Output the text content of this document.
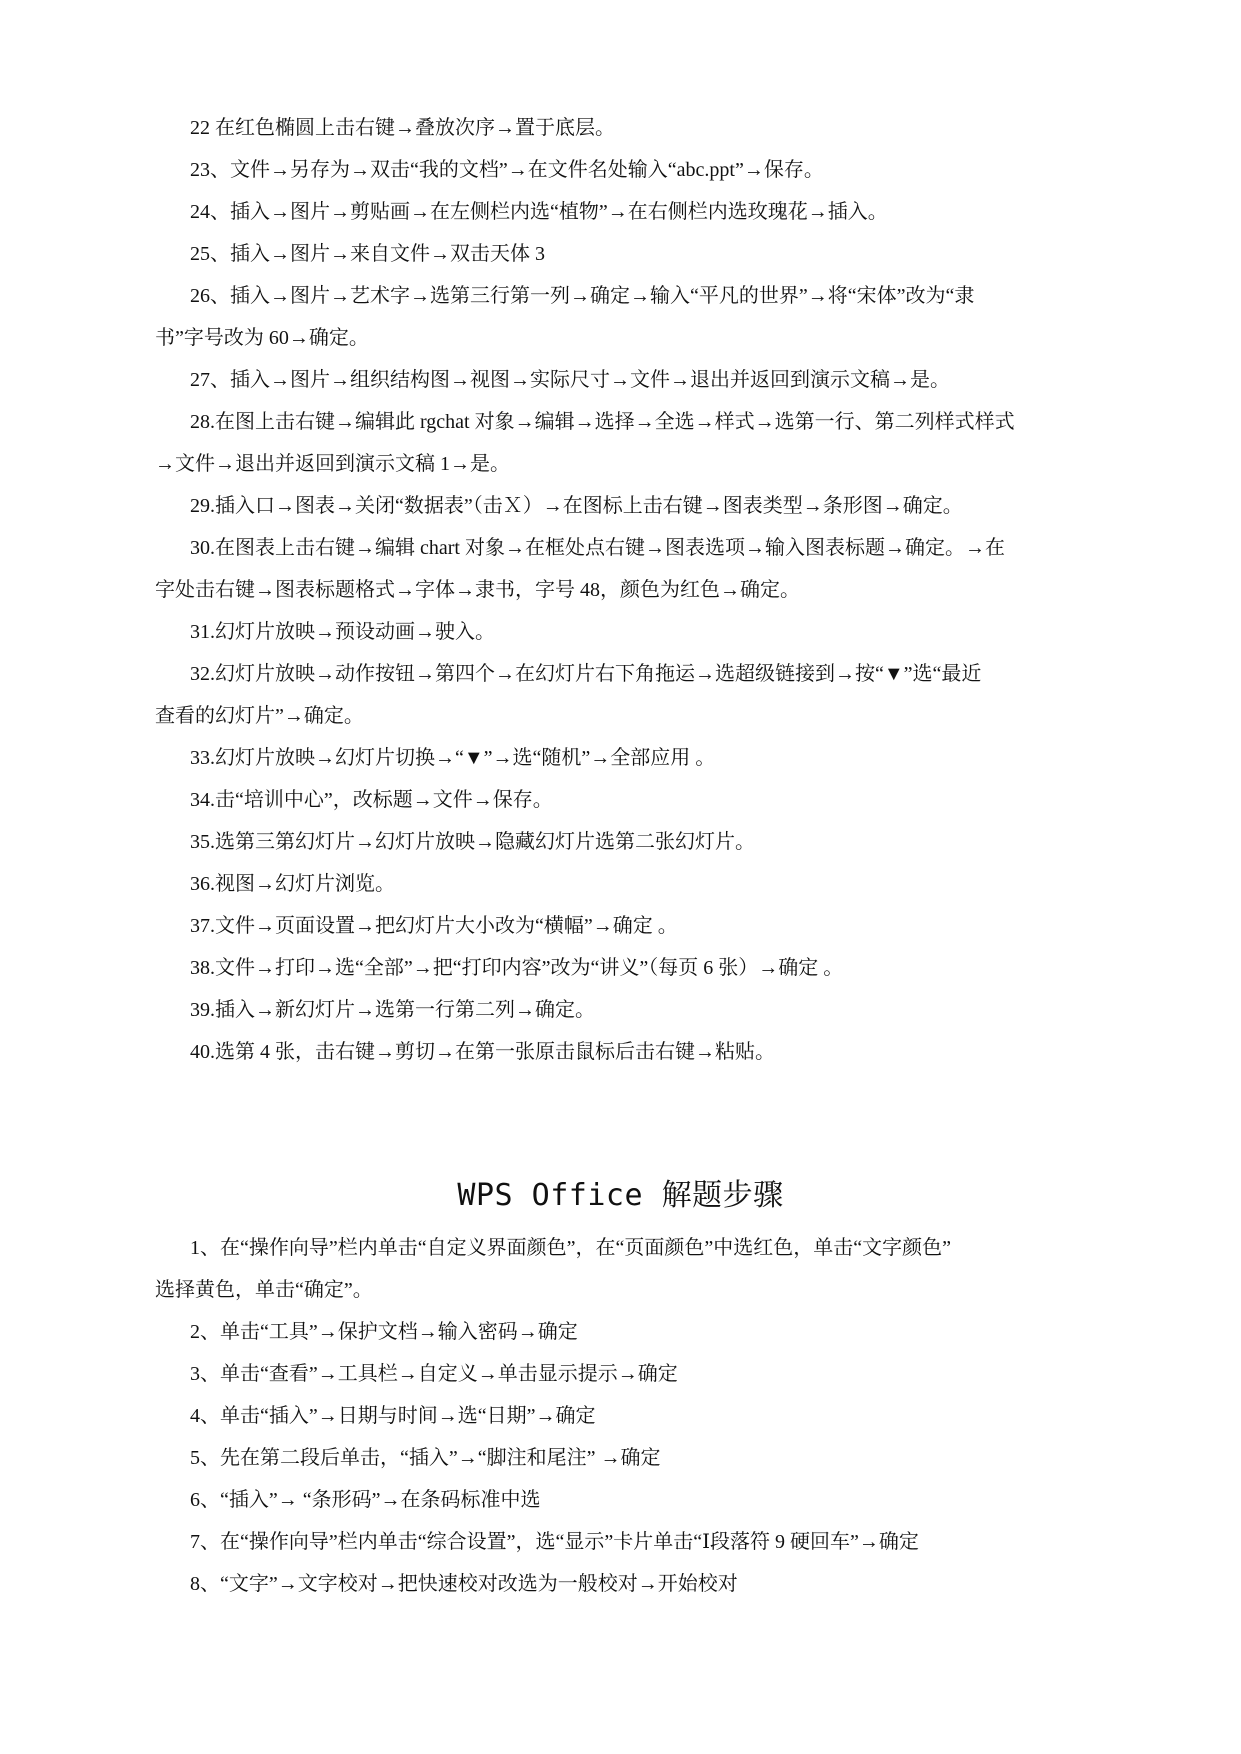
22 在红色椭圆上击右键→叠放次序→置于底层。
23、文件→另存为→双击“我的文档”→在文件名处输入“abc.ppt”→保存。
24、插入→图片→剪贴画→在左侧栏内选“植物”→在右侧栏内选玫瑰花→插入。
25、插入→图片→来自文件→双击天体 3
26、插入→图片→艺术字→选第三行第一列→确定→输入“平凡的世界”→将“宋体”改为“隶
书”字号改为 60→确定。
27、插入→图片→组织结构图→视图→实际尺寸→文件→退出并返回到演示文稿→是。
28.在图上击右键→编辑此 rgchat 对象→编辑→选择→全选→样式→选第一行、第二列样式样式
→文件→退出并返回到演示文稿 1→是。
29.插入口→图表→关闭“数据表”（击Ｘ）→在图标上击右键→图表类型→条形图→确定。
30.在图表上击右键→编辑 chart 对象→在框处点右键→图表选项→输入图表标题→确定。→在
字处击右键→图表标题格式→字体→隶书，字号 48，颜色为红色→确定。
31.幻灯片放映→预设动画→驶入。
32.幻灯片放映→动作按钮→第四个→在幻灯片右下角拖运→选超级链接到→按“▼”选“最近
查看的幻灯片”→确定。
33.幻灯片放映→幻灯片切换→“▼”→选“随机”→全部应用 。
34.击“培训中心”，改标题→文件→保存。
35.选第三第幻灯片→幻灯片放映→隐藏幻灯片选第二张幻灯片。
36.视图→幻灯片浏览。
37.文件→页面设置→把幻灯片大小改为“横幅”→确定 。
38.文件→打印→选“全部”→把“打印内容”改为“讲义”（每页 6 张）→确定 。
39.插入→新幻灯片→选第一行第二列→确定。
40.选第 4 张，击右键→剪切→在第一张原击鼠标后击右键→粘贴。
WPS Office 解题步骤
1、在“操作向导”栏内单击“自定义界面颜色”，在“页面颜色”中选红色，单击“文字颜色”
选择黄色，单击“确定”。
2、单击“工具”→保护文档→输入密码→确定
3、单击“查看”→工具栏→自定义→单击显示提示→确定
4、单击“插入”→日期与时间→选“日期”→确定
5、先在第二段后单击，“插入”→“脚注和尾注” →确定
6、“插入”→ “条形码”→在条码标准中选
7、在“操作向导”栏内单击“综合设置”，选“显示”卡片单击“Ⅰ段落符 9 硬回车”→确定
8、“文字”→文字校对→把快速校对改选为一般校对→开始校对
